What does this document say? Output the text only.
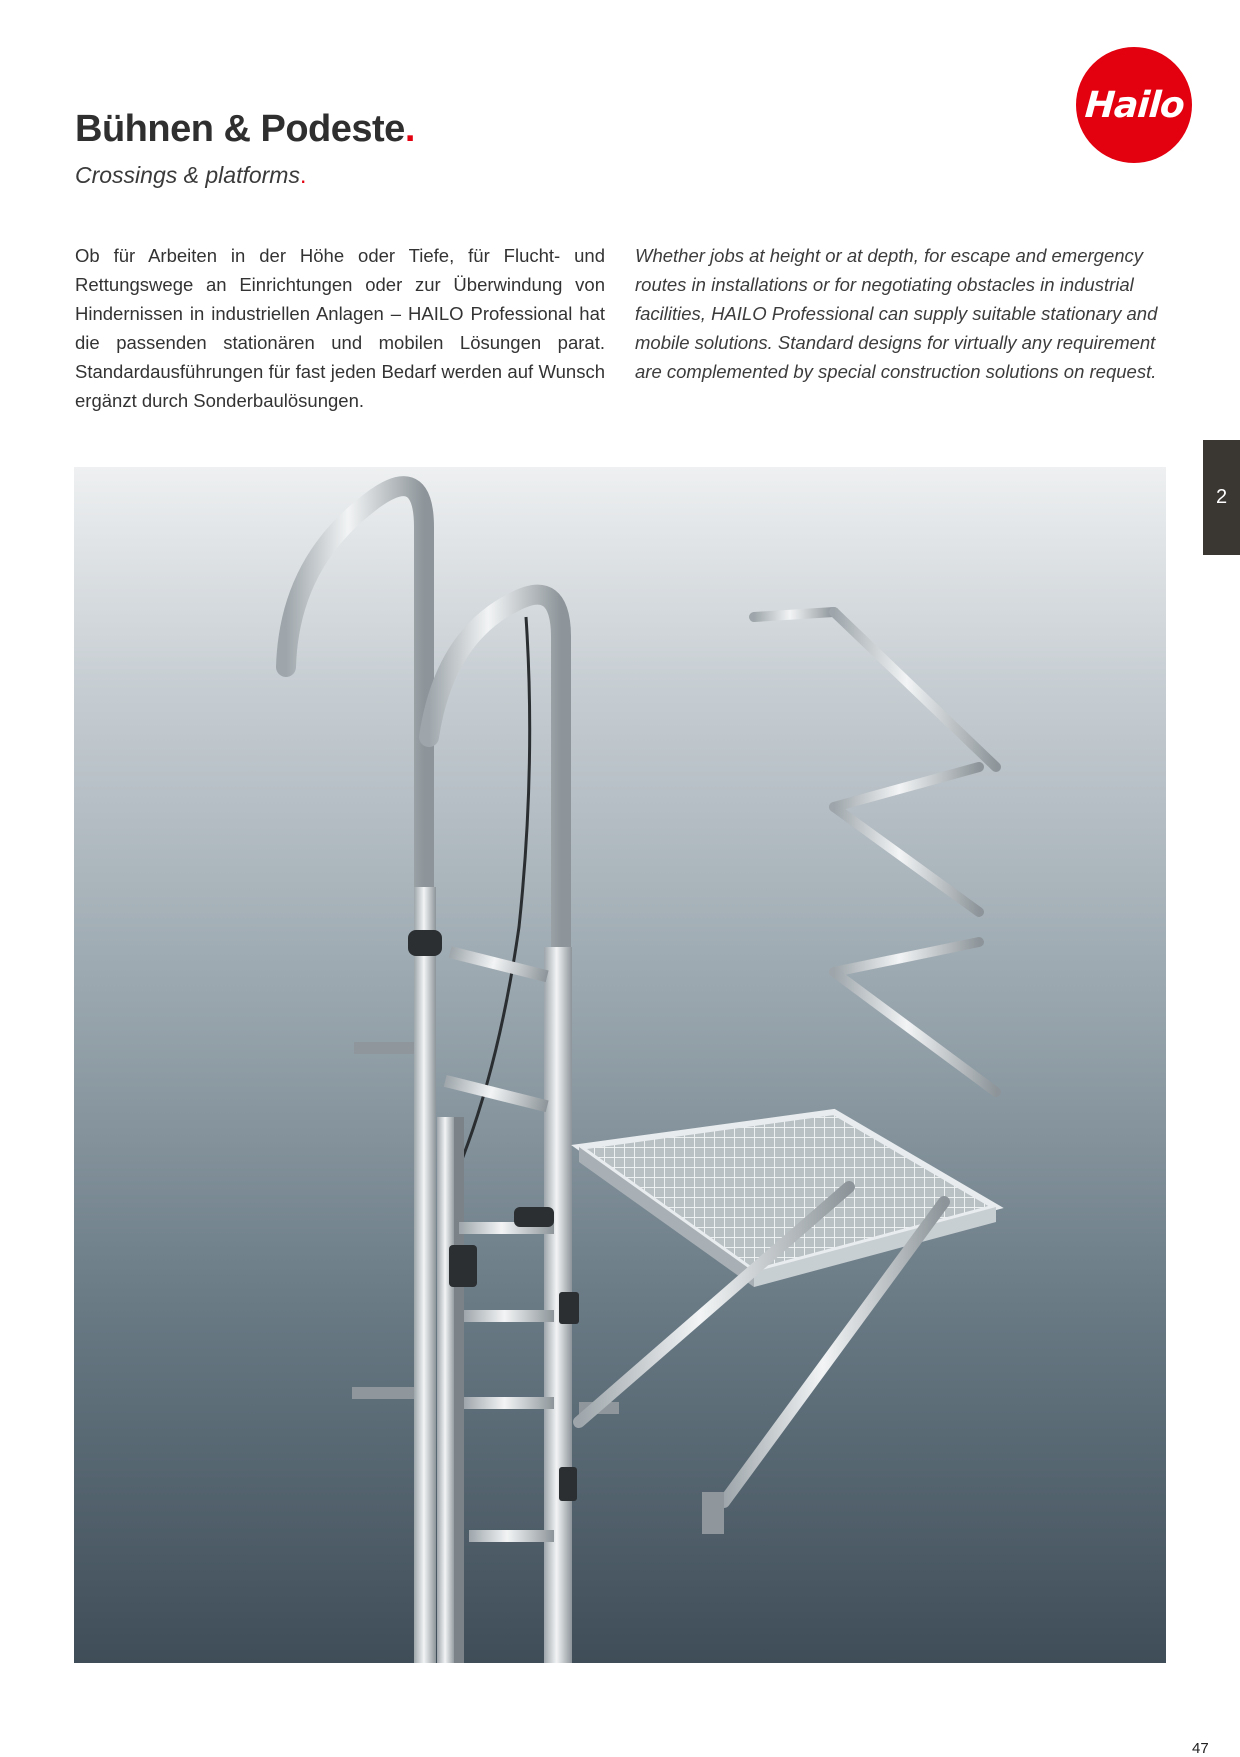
Hailo
Bühnen & Podeste.
Crossings & platforms.

Ob für Arbeiten in der Höhe oder Tiefe, für Flucht- und Rettungswege an Einrichtungen oder zur Überwindung von Hindernissen in industriellen Anlagen – HAILO Professional hat die passenden stationären und mobilen Lösungen parat. Standardausführungen für fast jeden Bedarf werden auf Wunsch ergänzt durch Sonderbaulösungen.

Whether jobs at height or at depth, for escape and emergency routes in installations or for negotiating obstacles in industrial facilities, HAILO Professional can supply suitable stationary and mobile solutions. Standard designs for virtually any requirement are complemented by special construction solutions on request.

2
47
